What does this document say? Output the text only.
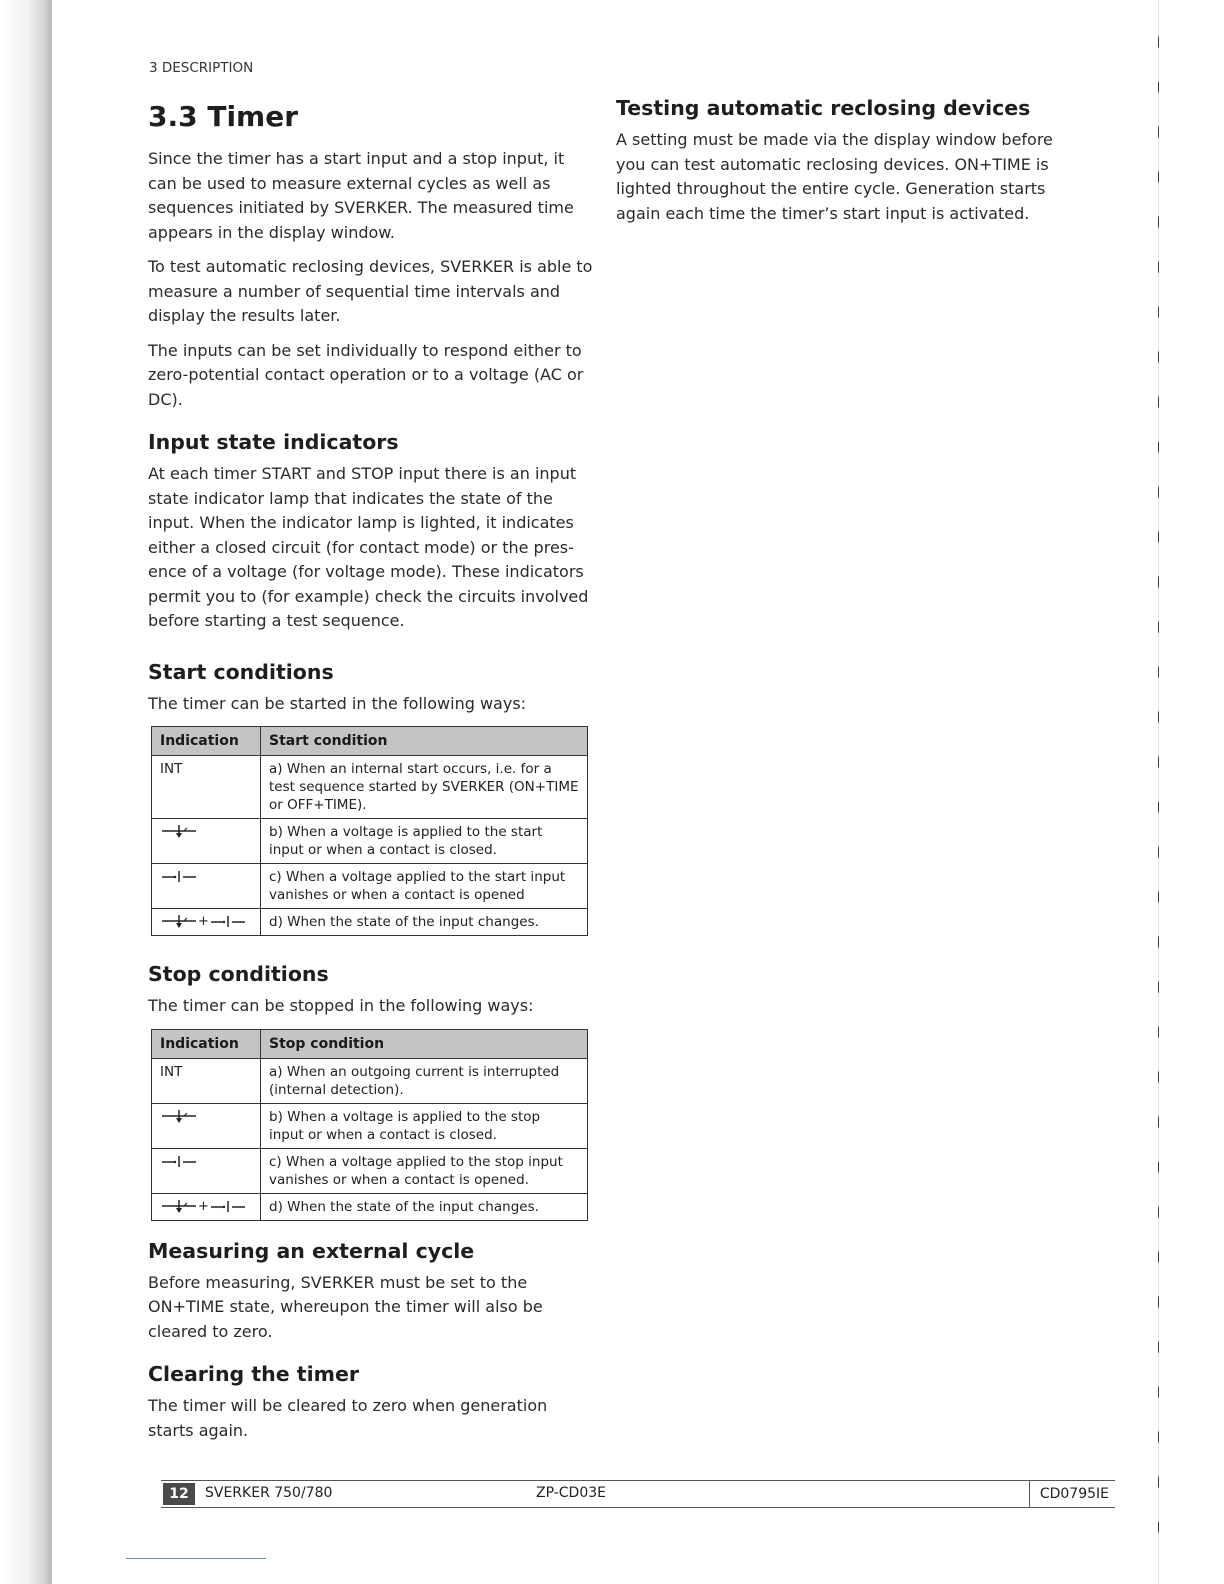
3 DESCRIPTION
3.3 Timer

Since the timer has a start input and a stop input, it can be used to measure external cycles as well as sequences initiated by SVERKER. The measured time appears in the display window.

To test automatic reclosing devices, SVERKER is able to measure a number of sequential time intervals and display the results later.

The inputs can be set individually to respond either to zero-potential contact operation or to a voltage (AC or DC).

Input state indicators

At each timer START and STOP input there is an input state indicator lamp that indicates the state of the input. When the indicator lamp is lighted, it indicates either a closed circuit (for contact mode) or the pres-ence of a voltage (for voltage mode). These indicators permit you to (for example) check the circuits involved before starting a test sequence.

Start conditions

The timer can be started in the following ways:

Indication	Start condition
INT	a) When an internal start occurs, i.e. for a test sequence started by SVERKER (ON+TIME or OFF+TIME).
	b) When a voltage is applied to the start input or when a contact is closed.
	c) When a voltage applied to the start input vanishes or when a contact is opened
+	d) When the state of the input changes.
Stop conditions

The timer can be stopped in the following ways:

Indication	Stop condition
INT	a) When an outgoing current is interrupted (internal detection).
	b) When a voltage is applied to the stop input or when a contact is closed.
	c) When a voltage applied to the stop input vanishes or when a contact is opened.
+	d) When the state of the input changes.
Measuring an external cycle

Before measuring, SVERKER must be set to the ON+TIME state, whereupon the timer will also be cleared to zero.

Clearing the timer

The timer will be cleared to zero when generation starts again.

Testing automatic reclosing devices

A setting must be made via the display window before you can test automatic reclosing devices. ON+TIME is lighted throughout the entire cycle. Generation starts again each time the timer’s start input is activated.

12	SVERKER 750/780	ZP-CD03E	CD0795IE
